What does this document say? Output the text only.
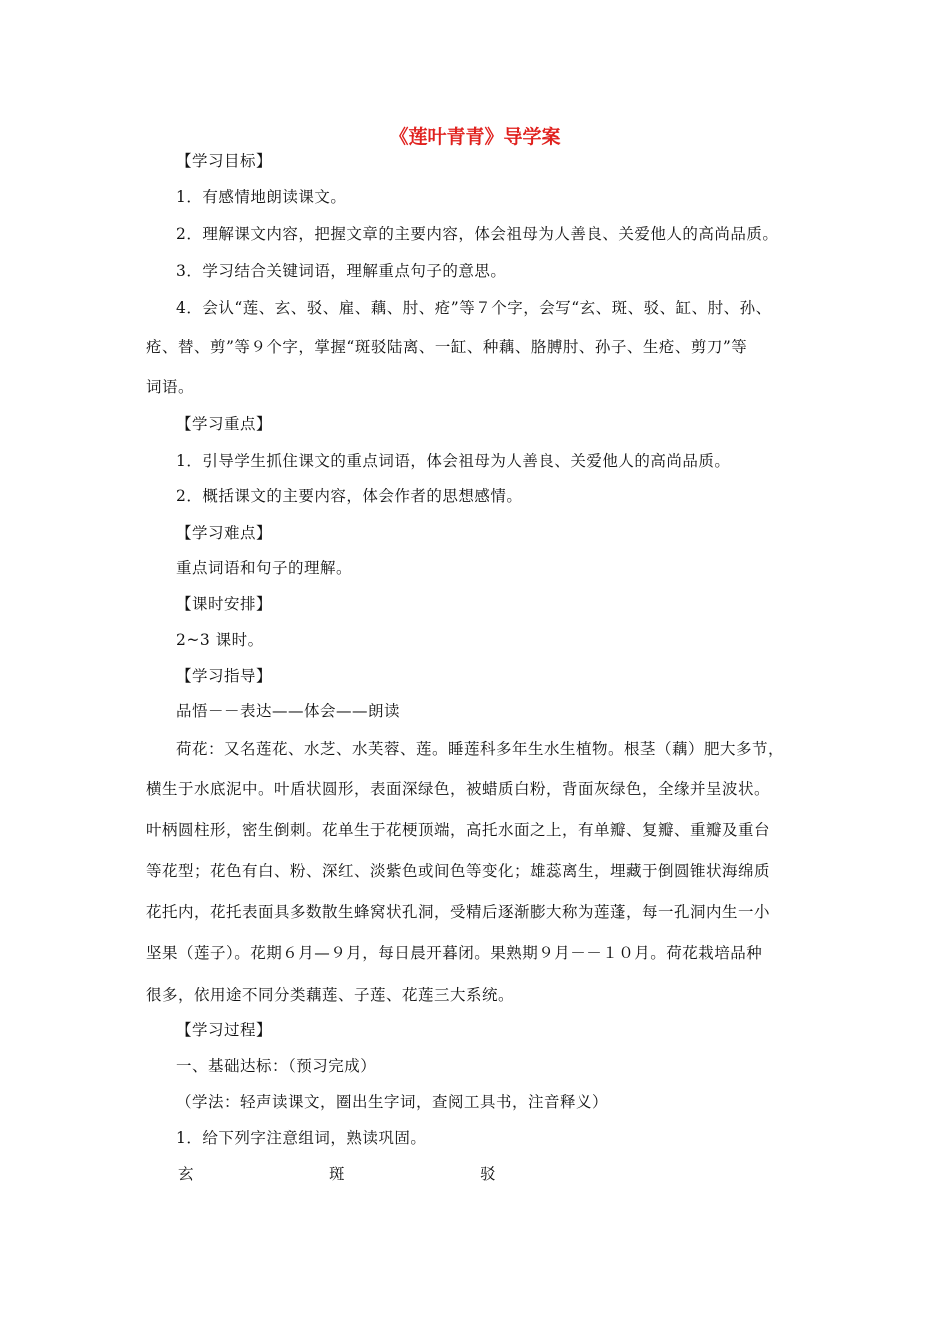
《莲叶青青》导学案
【学习目标】
1．有感情地朗读课文。
2．理解课文内容，把握文章的主要内容，体会祖母为人善良、关爱他人的高尚品质。
3．学习结合关键词语，理解重点句子的意思。
4．会认“莲、玄、驳、雇、藕、肘、疮”等７个字，会写“玄、斑、驳、缸、肘、孙、
疮、替、剪”等９个字，掌握“斑驳陆离、一缸、种藕、胳膊肘、孙子、生疮、剪刀”等
词语。
【学习重点】
1．引导学生抓住课文的重点词语，体会祖母为人善良、关爱他人的高尚品质。
2．概括课文的主要内容，体会作者的思想感情。
【学习难点】
重点词语和句子的理解。
【课时安排】
2~3 课时。
【学习指导】
品悟－－表达——体会——朗读
荷花：又名莲花、水芝、水芙蓉、莲。睡莲科多年生水生植物。根茎（藕）肥大多节，
横生于水底泥中。叶盾状圆形，表面深绿色，被蜡质白粉，背面灰绿色，全缘并呈波状。
叶柄圆柱形，密生倒刺。花单生于花梗顶端，高托水面之上，有单瓣、复瓣、重瓣及重台
等花型；花色有白、粉、深红、淡紫色或间色等变化；雄蕊离生，埋藏于倒圆锥状海绵质
花托内，花托表面具多数散生蜂窝状孔洞，受精后逐渐膨大称为莲蓬，每一孔洞内生一小
坚果（莲子）。花期６月—９月，每日晨开暮闭。果熟期９月－－１０月。荷花栽培品种
很多，依用途不同分类藕莲、子莲、花莲三大系统。
【学习过程】
一、基础达标：（预习完成）
（学法：轻声读课文，圈出生字词，查阅工具书，注音释义）
1．给下列字注意组词，熟读巩固。
玄	斑	驳
